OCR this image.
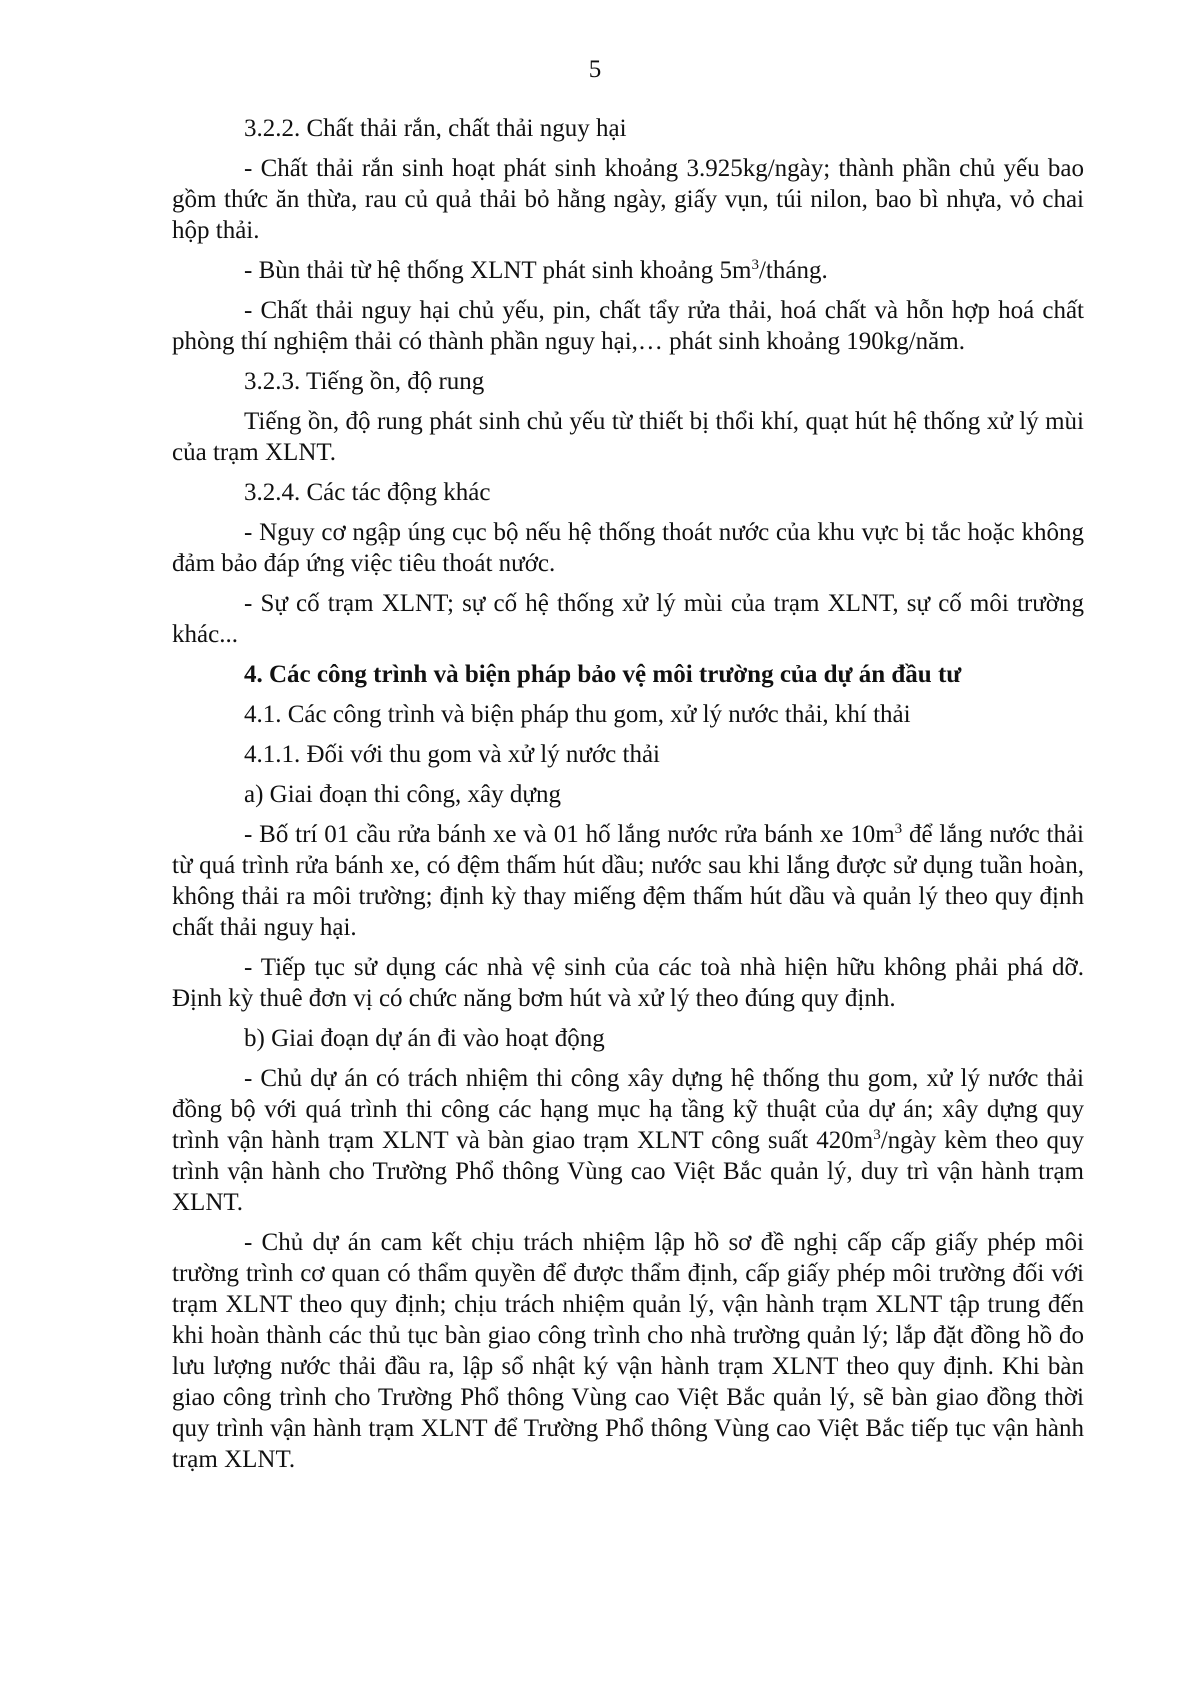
5

3.2.2. Chất thải rắn, chất thải nguy hại

- Chất thải rắn sinh hoạt phát sinh khoảng 3.925kg/ngày; thành phần chủ yếu bao gồm thức ăn thừa, rau củ quả thải bỏ hằng ngày, giấy vụn, túi nilon, bao bì nhựa, vỏ chai hộp thải.

- Bùn thải từ hệ thống XLNT phát sinh khoảng $5m^3$/tháng.

- Chất thải nguy hại chủ yếu, pin, chất tẩy rửa thải, hoá chất và hỗn hợp hoá chất phòng thí nghiệm thải có thành phần nguy hại,… phát sinh khoảng 190kg/năm.

3.2.3. Tiếng ồn, độ rung

Tiếng ồn, độ rung phát sinh chủ yếu từ thiết bị thổi khí, quạt hút hệ thống xử lý mùi của trạm XLNT.

3.2.4. Các tác động khác

- Nguy cơ ngập úng cục bộ nếu hệ thống thoát nước của khu vực bị tắc hoặc không đảm bảo đáp ứng việc tiêu thoát nước.

- Sự cố trạm XLNT; sự cố hệ thống xử lý mùi của trạm XLNT, sự cố môi trường khác...

4. Các công trình và biện pháp bảo vệ môi trường của dự án đầu tư

4.1. Các công trình và biện pháp thu gom, xử lý nước thải, khí thải

4.1.1. Đối với thu gom và xử lý nước thải

a) Giai đoạn thi công, xây dựng

- Bố trí 01 cầu rửa bánh xe và 01 hố lắng nước rửa bánh xe $10m^3$ để lắng nước thải từ quá trình rửa bánh xe, có đệm thấm hút dầu; nước sau khi lắng được sử dụng tuần hoàn, không thải ra môi trường; định kỳ thay miếng đệm thấm hút dầu và quản lý theo quy định chất thải nguy hại.

- Tiếp tục sử dụng các nhà vệ sinh của các toà nhà hiện hữu không phải phá dỡ. Định kỳ thuê đơn vị có chức năng bơm hút và xử lý theo đúng quy định.

b) Giai đoạn dự án đi vào hoạt động

- Chủ dự án có trách nhiệm thi công xây dựng hệ thống thu gom, xử lý nước thải đồng bộ với quá trình thi công các hạng mục hạ tầng kỹ thuật của dự án; xây dựng quy trình vận hành trạm XLNT và bàn giao trạm XLNT công suất $420m^3$/ngày kèm theo quy trình vận hành cho Trường Phổ thông Vùng cao Việt Bắc quản lý, duy trì vận hành trạm XLNT.

- Chủ dự án cam kết chịu trách nhiệm lập hồ sơ đề nghị cấp cấp giấy phép môi trường trình cơ quan có thẩm quyền để được thẩm định, cấp giấy phép môi trường đối với trạm XLNT theo quy định; chịu trách nhiệm quản lý, vận hành trạm XLNT tập trung đến khi hoàn thành các thủ tục bàn giao công trình cho nhà trường quản lý; lắp đặt đồng hồ đo lưu lượng nước thải đầu ra, lập sổ nhật ký vận hành trạm XLNT theo quy định. Khi bàn giao công trình cho Trường Phổ thông Vùng cao Việt Bắc quản lý, sẽ bàn giao đồng thời quy trình vận hành trạm XLNT để Trường Phổ thông Vùng cao Việt Bắc tiếp tục vận hành trạm XLNT.
